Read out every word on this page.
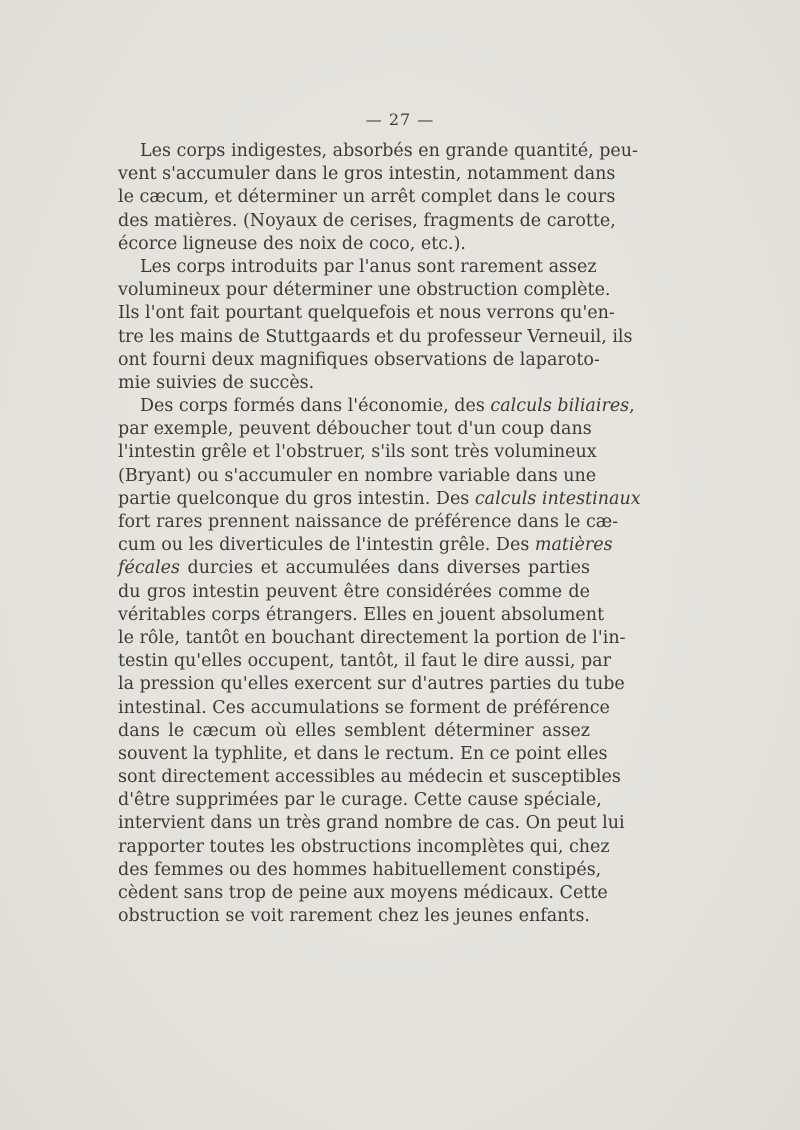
— 27 —
Les corps indigestes, absorbés en grande quantité, peu-
vent s'accumuler dans le gros intestin, notamment dans
le cæcum, et déterminer un arrêt complet dans le cours
des matières. (Noyaux de cerises, fragments de carotte,
écorce ligneuse des noix de coco, etc.).
Les corps introduits par l'anus sont rarement assez
volumineux pour déterminer une obstruction complète.
Ils l'ont fait pourtant quelquefois et nous verrons qu'en-
tre les mains de Stuttgaards et du professeur Verneuil, ils
ont fourni deux magnifiques observations de laparoto-
mie suivies de succès.
Des corps formés dans l'économie, des calculs biliaires,
par exemple, peuvent déboucher tout d'un coup dans
l'intestin grêle et l'obstruer, s'ils sont très volumineux
(Bryant) ou s'accumuler en nombre variable dans une
partie quelconque du gros intestin. Des calculs intestinaux
fort rares prennent naissance de préférence dans le cæ-
cum ou les diverticules de l'intestin grêle. Des matières
fécales durcies et accumulées dans diverses parties
du gros intestin peuvent être considérées comme de
véritables corps étrangers. Elles en jouent absolument
le rôle, tantôt en bouchant directement la portion de l'in-
testin qu'elles occupent, tantôt, il faut le dire aussi, par
la pression qu'elles exercent sur d'autres parties du tube
intestinal. Ces accumulations se forment de préférence
dans le cæcum où elles semblent déterminer assez
souvent la typhlite, et dans le rectum. En ce point elles
sont directement accessibles au médecin et susceptibles
d'être supprimées par le curage. Cette cause spéciale,
intervient dans un très grand nombre de cas. On peut lui
rapporter toutes les obstructions incomplètes qui, chez
des femmes ou des hommes habituellement constipés,
cèdent sans trop de peine aux moyens médicaux. Cette
obstruction se voit rarement chez les jeunes enfants.
